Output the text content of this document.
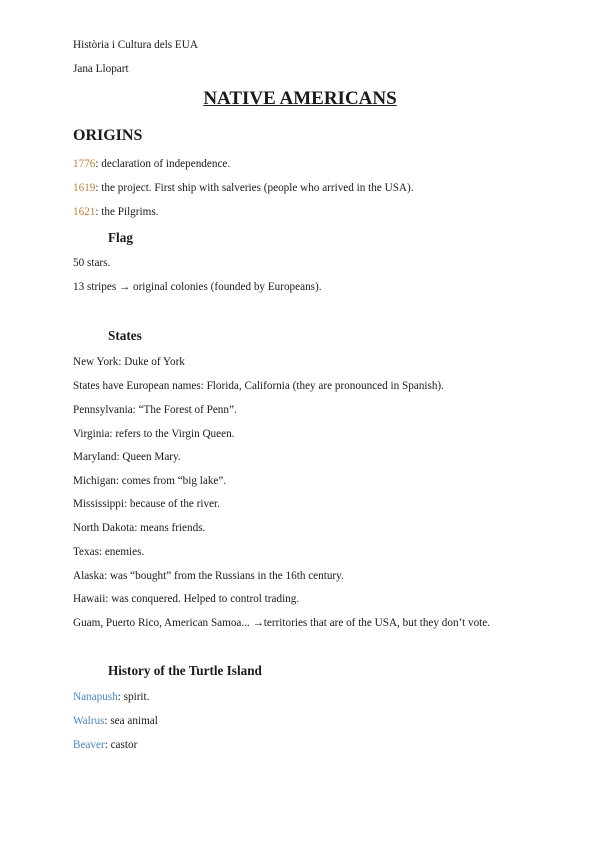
Història i Cultura dels EUA
Jana Llopart
NATIVE AMERICANS
ORIGINS
1776: declaration of independence.
1619: the project. First ship with salveries (people who arrived in the USA).
1621: the Pilgrims.
Flag
50 stars.
13 stripes → original colonies (founded by Europeans).
States
New York: Duke of York
States have European names: Florida, California (they are pronounced in Spanish).
Pennsylvania: “The Forest of Penn”.
Virginia: refers to the Virgin Queen.
Maryland: Queen Mary.
Michigan: comes from “big lake”.
Mississippi: because of the river.
North Dakota: means friends.
Texas: enemies.
Alaska: was “bought” from the Russians in the 16th century.
Hawaii: was conquered. Helped to control trading.
Guam, Puerto Rico, American Samoa... →territories that are of the USA, but they don’t vote.
History of the Turtle Island
Nanapush: spirit.
Walrus: sea animal
Beaver: castor
